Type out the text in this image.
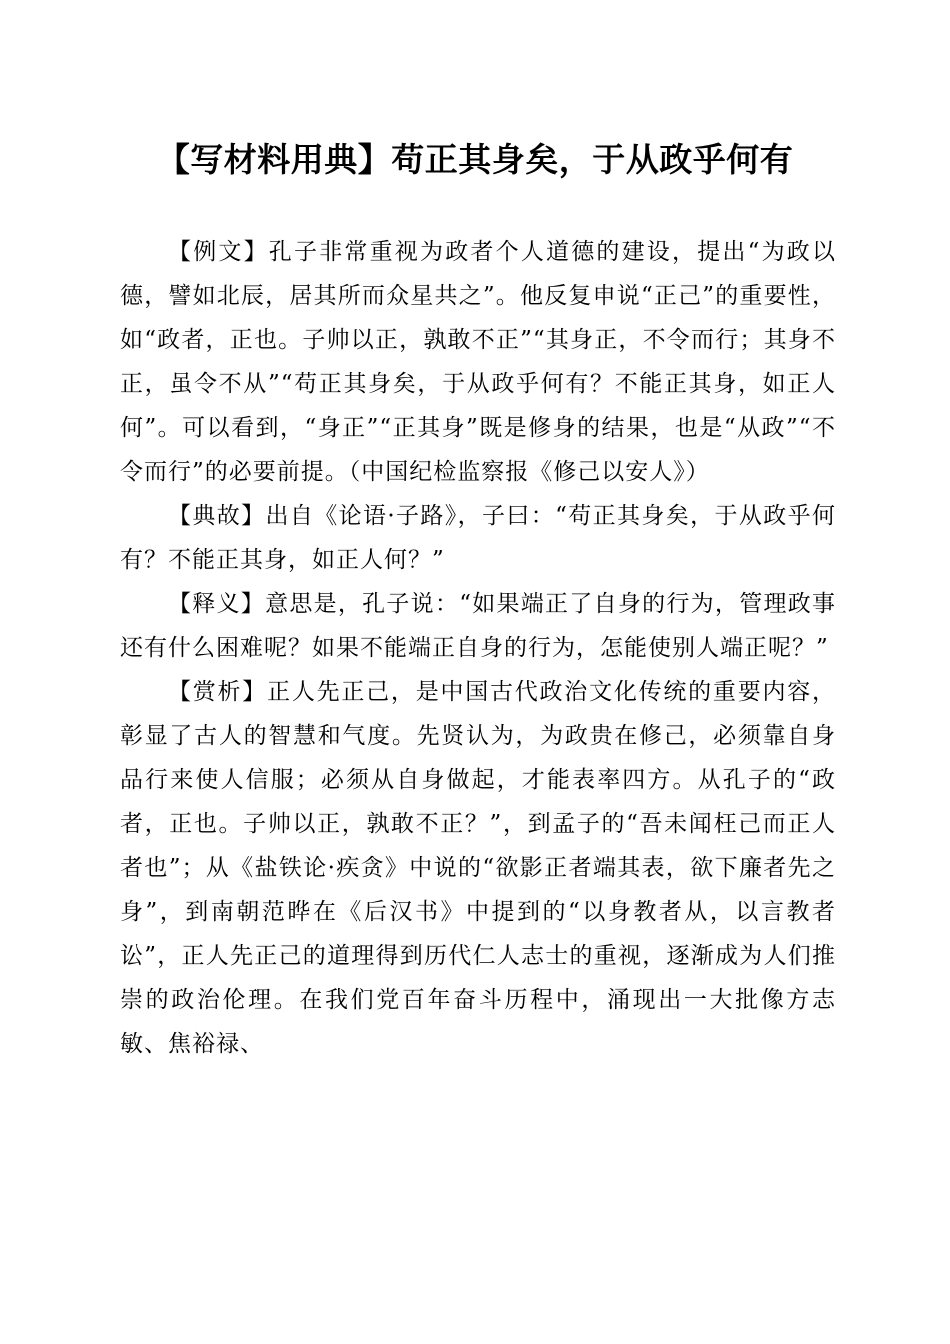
【写材料用典】苟正其身矣，于从政乎何有

【例文】孔子非常重视为政者个人道德的建设，提出“为政以德，譬如北辰，居其所而众星共之”。他反复申说“正己”的重要性，如“政者，正也。子帅以正，孰敢不正”“其身正，不令而行；其身不正，虽令不从”“苟正其身矣，于从政乎何有？不能正其身，如正人何”。可以看到，“身正”“正其身”既是修身的结果，也是“从政”“不令而行”的必要前提。（中国纪检监察报《修己以安人》）

【典故】出自《论语·子路》，子曰：“苟正其身矣，于从政乎何有？不能正其身，如正人何？”

【释义】意思是，孔子说：“如果端正了自身的行为，管理政事还有什么困难呢？如果不能端正自身的行为，怎能使别人端正呢？”

【赏析】正人先正己，是中国古代政治文化传统的重要内容，彰显了古人的智慧和气度。先贤认为，为政贵在修己，必须靠自身品行来使人信服；必须从自身做起，才能表率四方。从孔子的“政者，正也。子帅以正，孰敢不正？”，到孟子的“吾未闻枉己而正人者也”；从《盐铁论·疾贪》中说的“欲影正者端其表，欲下廉者先之身”，到南朝范晔在《后汉书》中提到的“以身教者从，以言教者讼”，正人先正己的道理得到历代仁人志士的重视，逐渐成为人们推崇的政治伦理。在我们党百年奋斗历程中，涌现出一大批像方志敏、焦裕禄、
